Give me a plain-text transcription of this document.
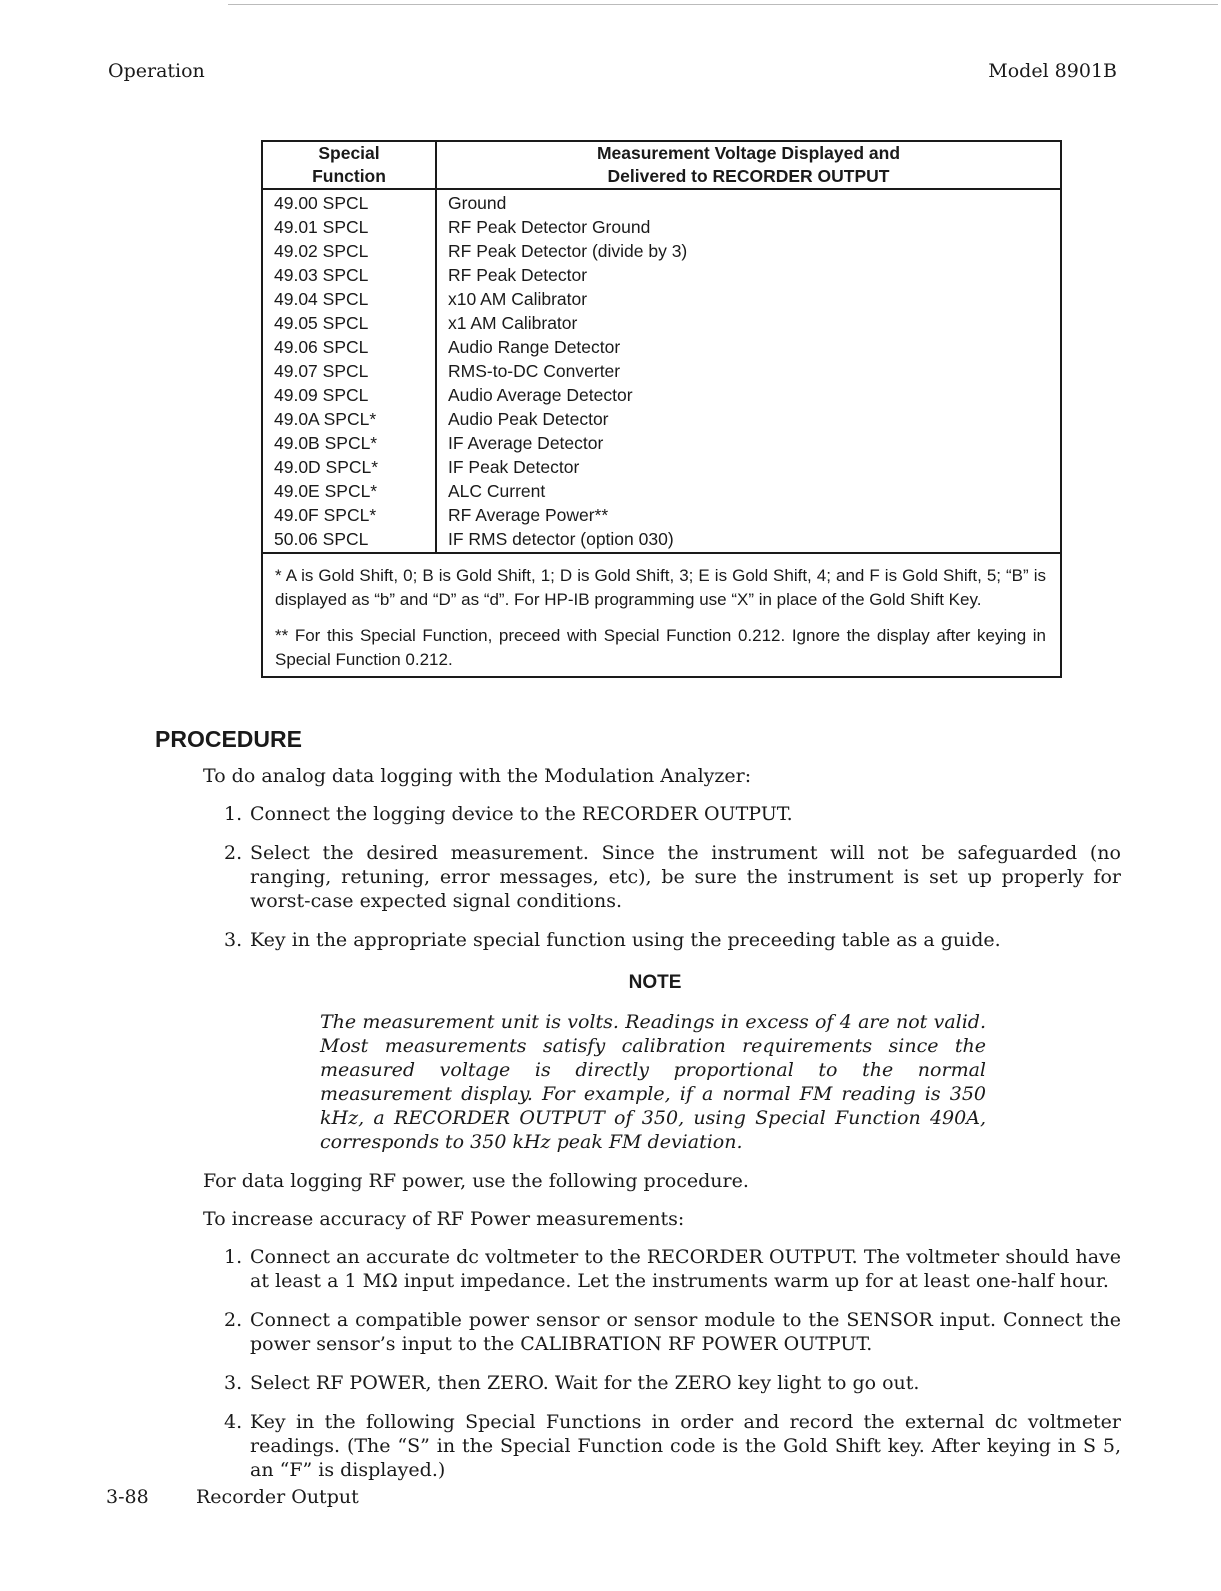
Operation	Model 8901B
Special
Function	Measurement Voltage Displayed and
Delivered to RECORDER OUTPUT

49.00 SPCL	Ground
49.01 SPCL	RF Peak Detector Ground
49.02 SPCL	RF Peak Detector (divide by 3)
49.03 SPCL	RF Peak Detector
49.04 SPCL	x10 AM Calibrator
49.05 SPCL	x1 AM Calibrator
49.06 SPCL	Audio Range Detector
49.07 SPCL	RMS-to-DC Converter
49.09 SPCL	Audio Average Detector
49.0A SPCL*	Audio Peak Detector
49.0B SPCL*	IF Average Detector
49.0D SPCL*	IF Peak Detector
49.0E SPCL*	ALC Current
49.0F SPCL*	RF Average Power**
50.06 SPCL	IF RMS detector (option 030)

* A is Gold Shift, 0; B is Gold Shift, 1; D is Gold Shift, 3; E is Gold Shift, 4; and F is Gold Shift, 5; “B” is displayed as “b” and “D” as “d”. For HP-IB programming use “X” in place of the Gold Shift Key.

** For this Special Function, preceed with Special Function 0.212. Ignore the display after keying in Special Function 0.212.

PROCEDURE
To do analog data logging with the Modulation Analyzer:
1. Connect the logging device to the RECORDER OUTPUT.
2. Select the desired measurement. Since the instrument will not be safeguarded (no ranging, retuning, error messages, etc), be sure the instrument is set up properly for worst-case expected signal conditions.
3. Key in the appropriate special function using the preceeding table as a guide.
NOTE
The measurement unit is volts. Readings in excess of 4 are not valid. Most measurements satisfy calibration requirements since the measured voltage is directly proportional to the normal measurement display. For example, if a normal FM reading is 350 kHz, a RECORDER OUTPUT of 350, using Special Function 490A, corresponds to 350 kHz peak FM deviation.
For data logging RF power, use the following procedure.
To increase accuracy of RF Power measurements:
1. Connect an accurate dc voltmeter to the RECORDER OUTPUT. The voltmeter should have at least a 1 MΩ input impedance. Let the instruments warm up for at least one-half hour.
2. Connect a compatible power sensor or sensor module to the SENSOR input. Connect the power sensor’s input to the CALIBRATION RF POWER OUTPUT.
3. Select RF POWER, then ZERO. Wait for the ZERO key light to go out.
4. Key in the following Special Functions in order and record the external dc voltmeter readings. (The “S” in the Special Function code is the Gold Shift key. After keying in S 5, an “F” is displayed.)
3-88 Recorder Output
